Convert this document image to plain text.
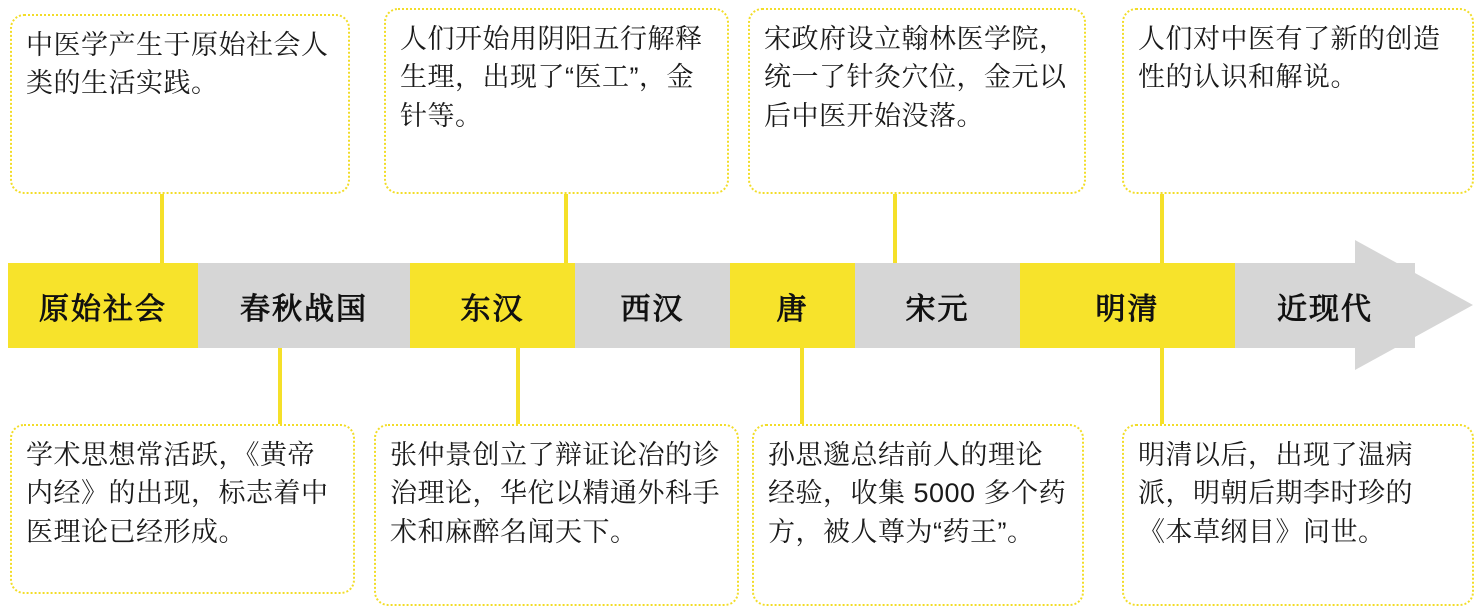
中医学产生于原始社会人类的生活实践。
人们开始用阴阳五行解释生理，出现了“医工”，金针等。
宋政府设立翰林医学院，统一了针灸穴位，金元以后中医开始没落。
人们对中医有了新的创造性的认识和解说。
原始社会	春秋战国	东汉	西汉	唐	宋元	明清	近现代
学术思想常活跃，《黄帝内经》的出现，标志着中医理论已经形成。
张仲景创立了辩证论冶的诊治理论，华佗以精通外科手术和麻醉名闻天下。
孙思邈总结前人的理论经验，收集 5000 多个药方，被人尊为“药王”。
明清以后，出现了温病派，明朝后期李时珍的《本草纲目》问世。
